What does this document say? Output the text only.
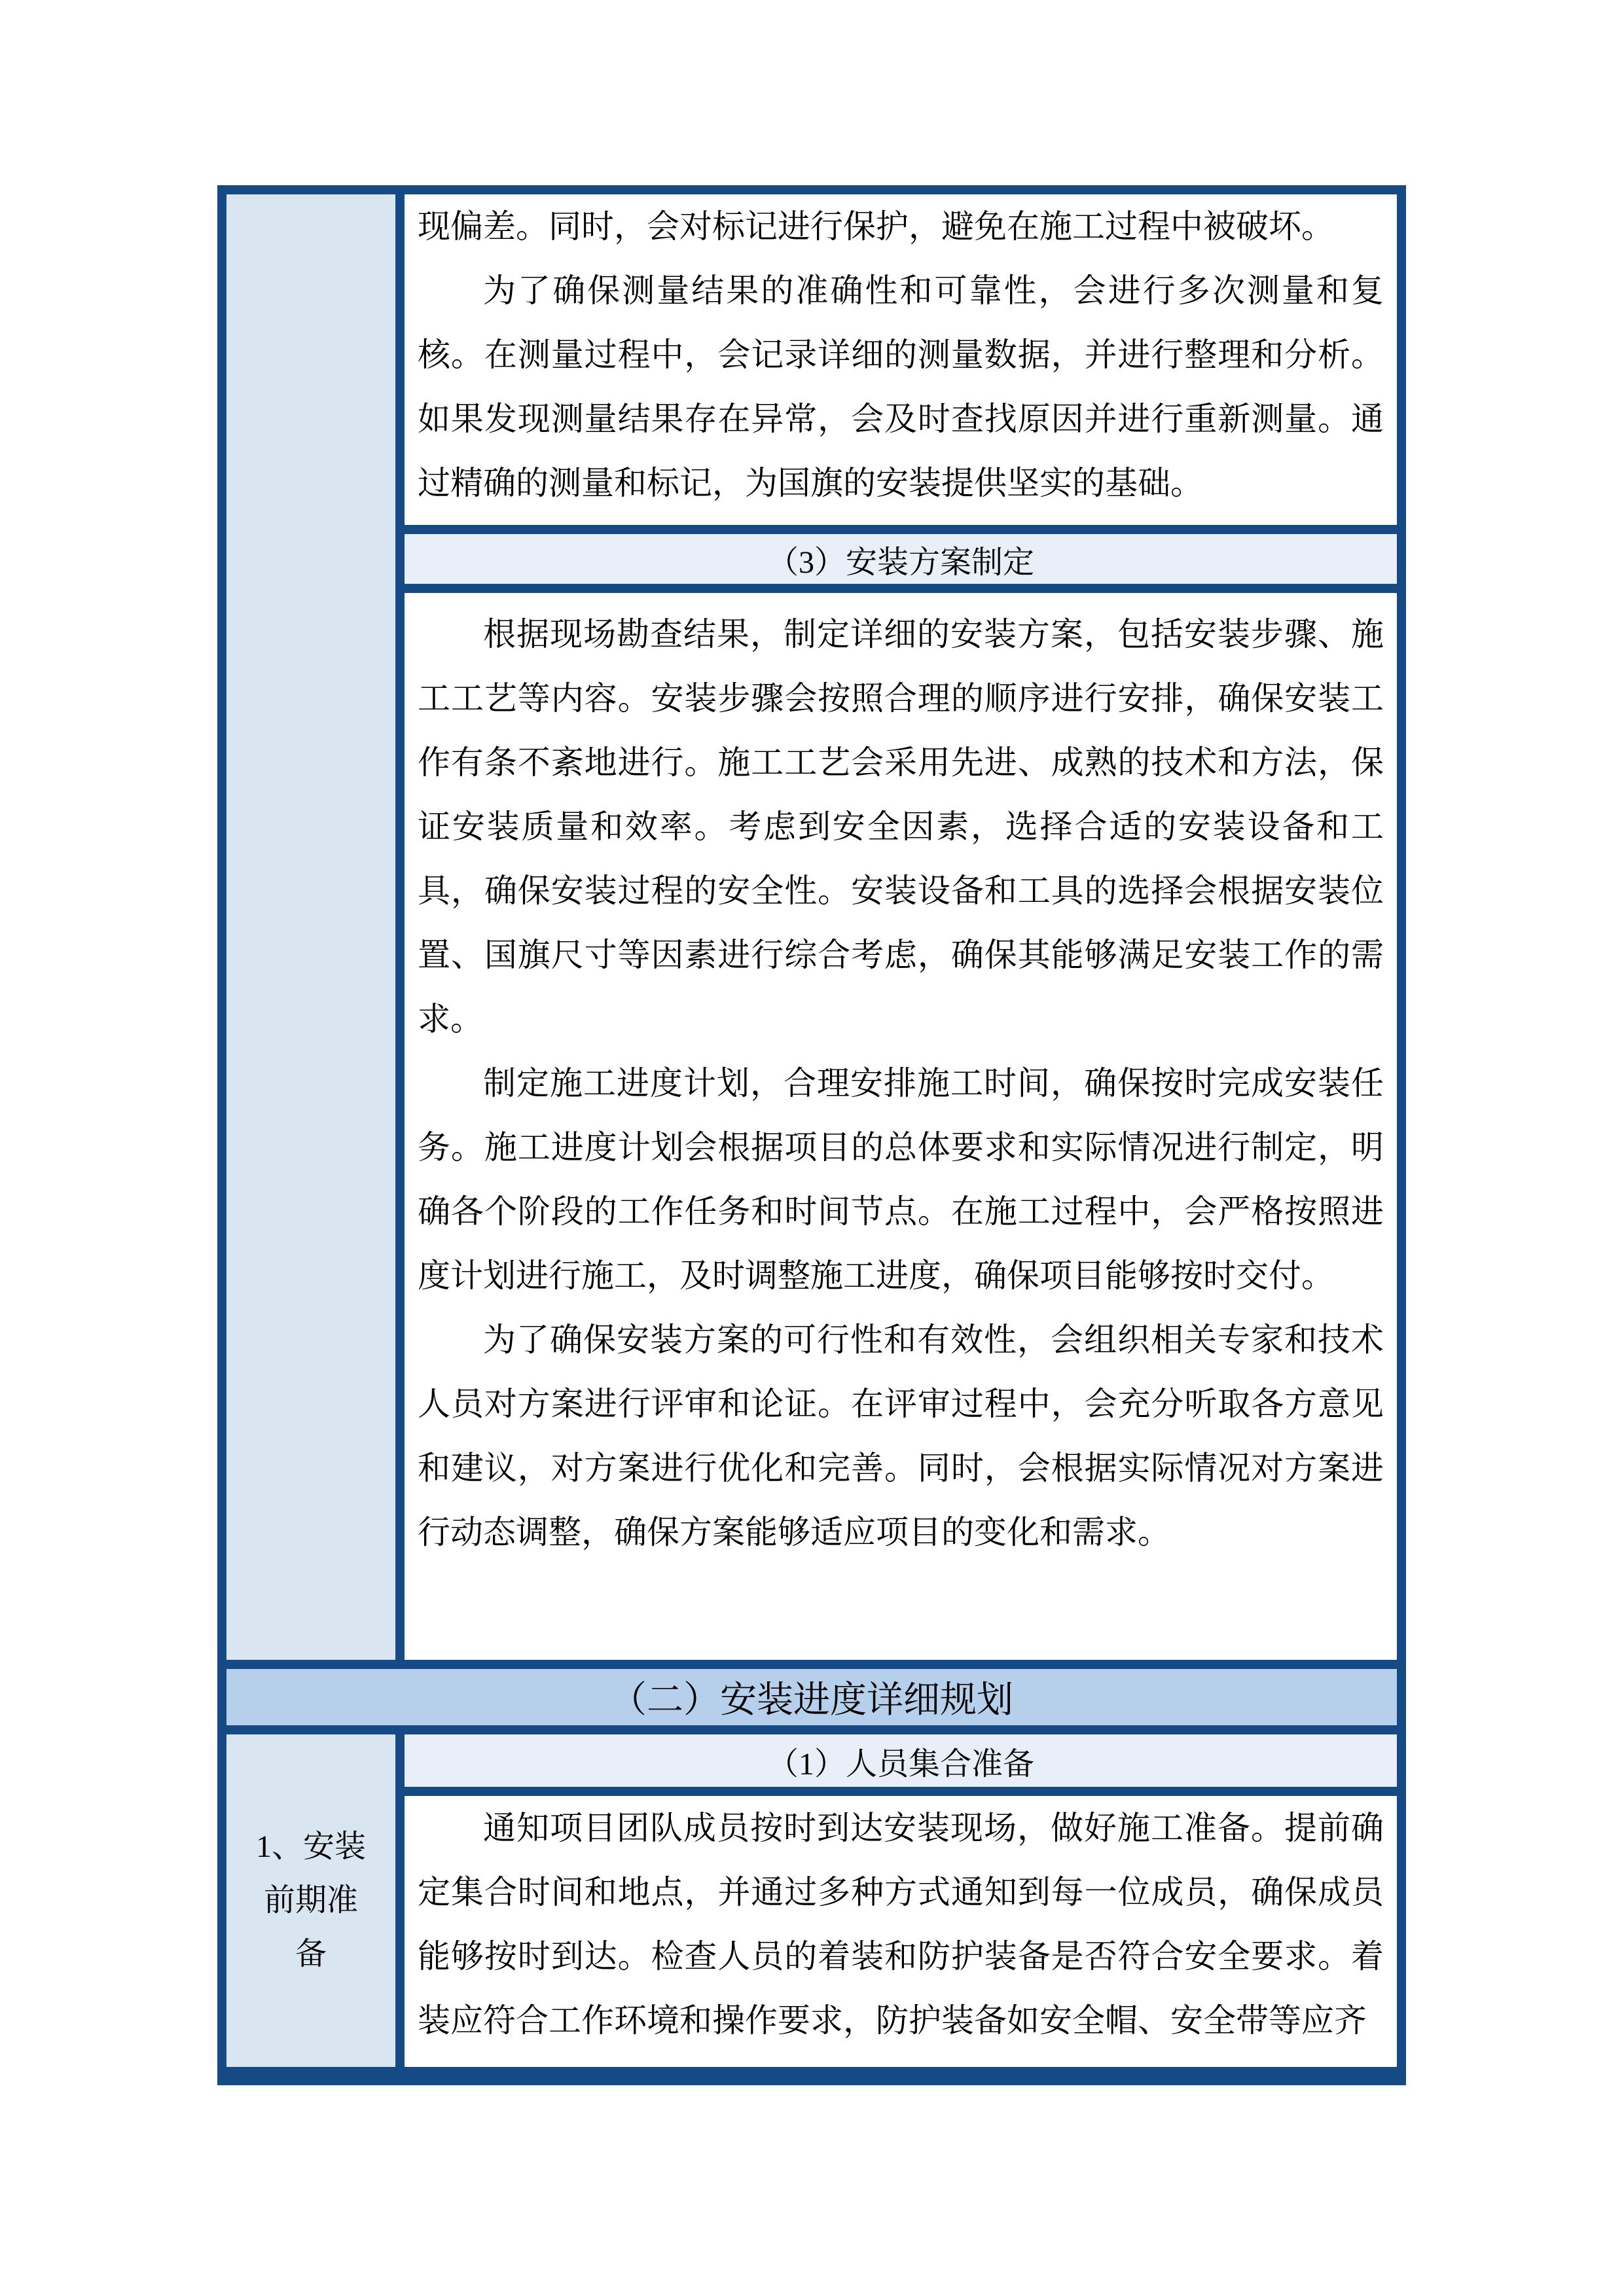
现偏差。同时，会对标记进行保护，避免在施工过程中被破坏。

为了确保测量结果的准确性和可靠性，会进行多次测量和复核。在测量过程中，会记录详细的测量数据，并进行整理和分析。如果发现测量结果存在异常，会及时查找原因并进行重新测量。通过精确的测量和标记，为国旗的安装提供坚实的基础。

（3）安装方案制定

根据现场勘查结果，制定详细的安装方案，包括安装步骤、施工工艺等内容。安装步骤会按照合理的顺序进行安排，确保安装工作有条不紊地进行。施工工艺会采用先进、成熟的技术和方法，保证安装质量和效率。考虑到安全因素，选择合适的安装设备和工具，确保安装过程的安全性。安装设备和工具的选择会根据安装位置、国旗尺寸等因素进行综合考虑，确保其能够满足安装工作的需求。

制定施工进度计划，合理安排施工时间，确保按时完成安装任务。施工进度计划会根据项目的总体要求和实际情况进行制定，明确各个阶段的工作任务和时间节点。在施工过程中，会严格按照进度计划进行施工，及时调整施工进度，确保项目能够按时交付。

为了确保安装方案的可行性和有效性，会组织相关专家和技术人员对方案进行评审和论证。在评审过程中，会充分听取各方意见和建议，对方案进行优化和完善。同时，会根据实际情况对方案进行动态调整，确保方案能够适应项目的变化和需求。

（二）安装进度详细规划
1、安装
前期准
备
（1）人员集合准备

通知项目团队成员按时到达安装现场，做好施工准备。提前确定集合时间和地点，并通过多种方式通知到每一位成员，确保成员能够按时到达。检查人员的着装和防护装备是否符合安全要求。着装应符合工作环境和操作要求，防护装备如安全帽、安全带等应齐
